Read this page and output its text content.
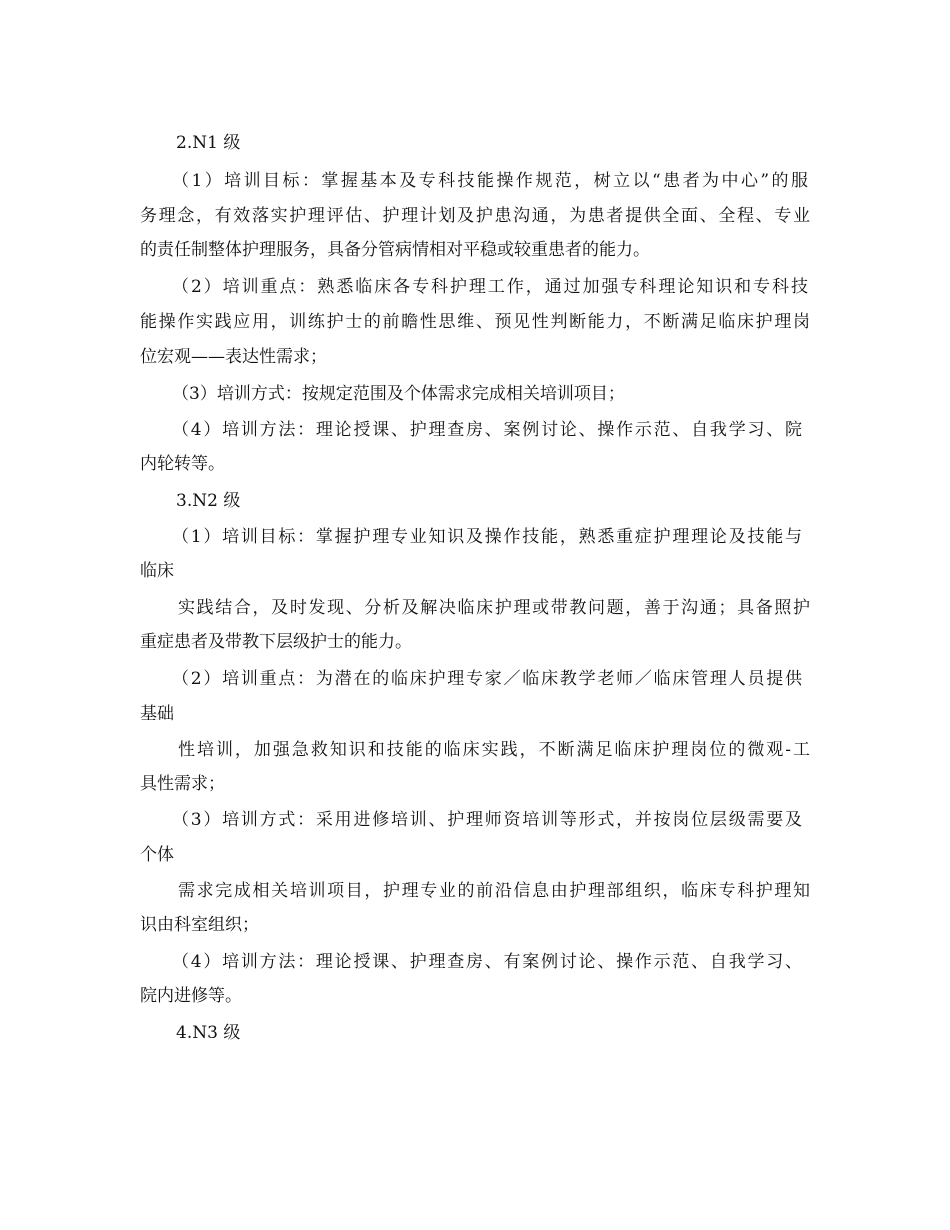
2.N1 级
（1）培训目标：掌握基本及专科技能操作规范，树立以“患者为中心”的服
务理念，有效落实护理评估、护理计划及护患沟通，为患者提供全面、全程、专业
的责任制整体护理服务，具备分管病情相对平稳或较重患者的能力。
（2）培训重点：熟悉临床各专科护理工作，通过加强专科理论知识和专科技
能操作实践应用，训练护士的前瞻性思维、预见性判断能力，不断满足临床护理岗
位宏观——表达性需求；
（3）培训方式：按规定范围及个体需求完成相关培训项目；
（4）培训方法：理论授课、护理查房、案例讨论、操作示范、自我学习、院
内轮转等。
3.N2 级
（1）培训目标：掌握护理专业知识及操作技能，熟悉重症护理理论及技能与
临床
实践结合，及时发现、分析及解决临床护理或带教问题，善于沟通；具备照护
重症患者及带教下层级护士的能力。
（2）培训重点：为潜在的临床护理专家／临床教学老师／临床管理人员提供
基础
性培训，加强急救知识和技能的临床实践，不断满足临床护理岗位的微观-工
具性需求；
（3）培训方式：采用进修培训、护理师资培训等形式，并按岗位层级需要及
个体
需求完成相关培训项目，护理专业的前沿信息由护理部组织，临床专科护理知
识由科室组织；
（4）培训方法：理论授课、护理查房、有案例讨论、操作示范、自我学习、
院内进修等。
4.N3 级
